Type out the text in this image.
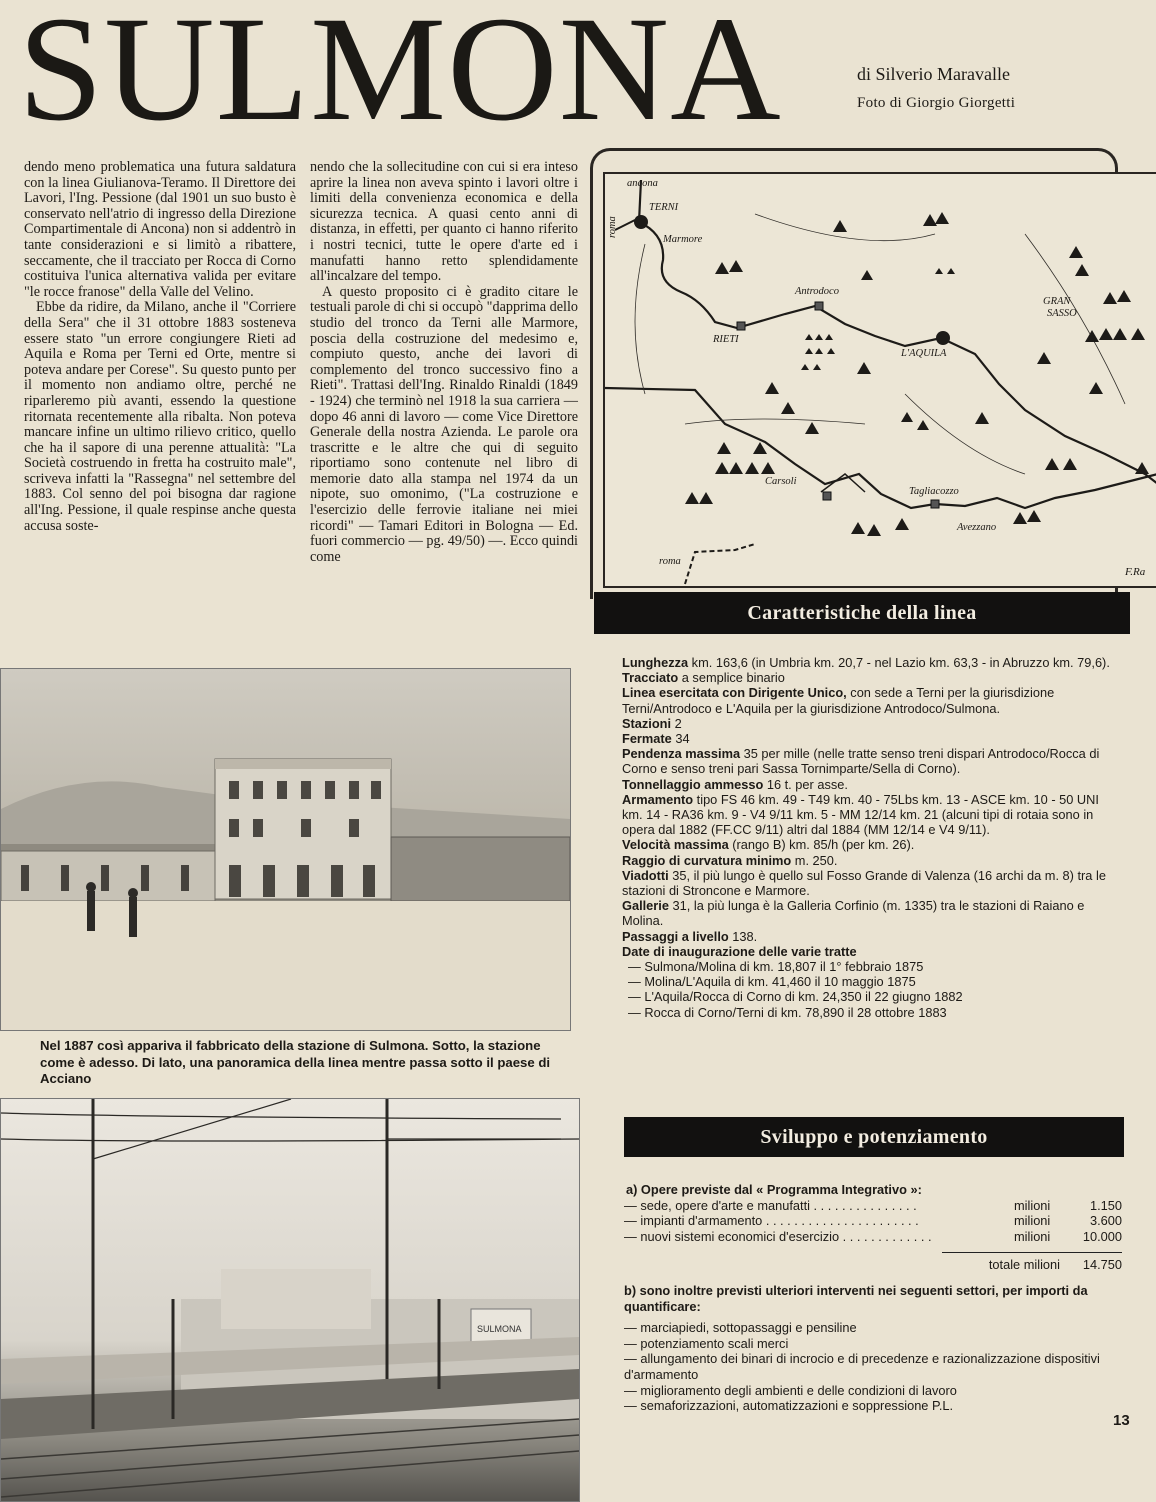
SULMONA	di Silverio Maravalle
Foto di Giorgio Giorgetti

dendo meno problematica una futura saldatura con la linea Giulianova-Teramo. Il Direttore dei Lavori, l'Ing. Pessione (dal 1901 un suo busto è conservato nell'atrio di ingresso della Direzione Compartimentale di Ancona) non si addentrò in tante considerazioni e si limitò a ribattere, seccamente, che il tracciato per Rocca di Corno costituiva l'unica alternativa valida per evitare "le rocce franose" della Valle del Velino.

Ebbe da ridire, da Milano, anche il "Corriere della Sera" che il 31 ottobre 1883 sosteneva essere stato "un errore congiungere Rieti ad Aquila e Roma per Terni ed Orte, mentre si poteva andare per Corese". Su questo punto per il momento non andiamo oltre, perché ne riparleremo più avanti, essendo la questione ritornata recentemente alla ribalta. Non poteva mancare infine un ultimo rilievo critico, quello che ha il sapore di una perenne attualità: "La Società costruendo in fretta ha costruito male", scriveva infatti la "Rassegna" nel settembre del 1883. Col senno del poi bisogna dar ragione all'Ing. Pessione, il quale respinse anche questa accusa soste-

nendo che la sollecitudine con cui si era inteso aprire la linea non aveva spinto i lavori oltre i limiti della convenienza economica e della sicurezza tecnica. A quasi cento anni di distanza, in effetti, per quanto ci hanno riferito i nostri tecnici, tutte le opere d'arte ed i manufatti hanno retto splendidamente all'incalzare del tempo.

A questo proposito ci è gradito citare le testuali parole di chi si occupò "dapprima dello studio del tronco da Terni alle Marmore, poscia della costruzione del medesimo e, compiuto questo, anche dei lavori di complemento del tronco successivo fino a Rieti". Trattasi dell'Ing. Rinaldo Rinaldi (1849 - 1924) che terminò nel 1918 la sua carriera — dopo 46 anni di lavoro — come Vice Direttore Generale della nostra Azienda. Le parole ora trascritte e le altre che qui di seguito riportiamo sono contenute nel libro di memorie dato alla stampa nel 1974 da un nipote, suo omonimo, ("La costruzione e l'esercizio delle ferrovie italiane nei miei ricordi" — Tamari Editori in Bologna — Ed. fuori commercio — pg. 49/50) —. Ecco quindi come

Nel 1887 così appariva il fabbricato della stazione di Sulmona. Sotto, la stazione come è adesso. Di lato, una panoramica della linea mentre passa sotto il paese di Acciano
SULMONA
ancona
TERNI
roma
Marmore
Antrodoco
GRAN
SASSO
RIETI
L'AQUILA
Carsoli
Tagliacozzo
Avezzano
roma
F.Ra
Caratteristiche della linea
Lunghezza km. 163,6 (in Umbria km. 20,7 - nel Lazio km. 63,3 - in Abruzzo km. 79,6).
Tracciato a semplice binario
Linea esercitata con Dirigente Unico, con sede a Terni per la giurisdizione Terni/Antrodoco e L'Aquila per la giurisdizione Antrodoco/Sulmona.
Stazioni 2
Fermate 34
Pendenza massima 35 per mille (nelle tratte senso treni dispari Antrodoco/Rocca di Corno e senso treni pari Sassa Tornimparte/Sella di Corno).
Tonnellaggio ammesso 16 t. per asse.
Armamento tipo FS 46 km. 49 - T49 km. 40 - 75Lbs km. 13 - ASCE km. 10 - 50 UNI km. 14 - RA36 km. 9 - V4 9/11 km. 5 - MM 12/14 km. 21 (alcuni tipi di rotaia sono in opera dal 1882 (FF.CC 9/11) altri dal 1884 (MM 12/14 e V4 9/11).
Velocità massima (rango B) km. 85/h (per km. 26).
Raggio di curvatura minimo m. 250.
Viadotti 35, il più lungo è quello sul Fosso Grande di Valenza (16 archi da m. 8) tra le stazioni di Stroncone e Marmore.
Gallerie 31, la più lunga è la Galleria Corfinio (m. 1335) tra le stazioni di Raiano e Molina.
Passaggi a livello 138.
Date di inaugurazione delle varie tratte
— Sulmona/Molina di km. 18,807 il 1° febbraio 1875
— Molina/L'Aquila di km. 41,460 il 10 maggio 1875
— L'Aquila/Rocca di Corno di km. 24,350 il 22 giugno 1882
— Rocca di Corno/Terni di km. 78,890 il 28 ottobre 1883
Sviluppo e potenziamento
a) Opere previste dal « Programma Integrativo »:
— sede, opere d'arte e manufatti . . . . . . . . . . . . . . .	milioni	1.150
— impianti d'armamento . . . . . . . . . . . . . . . . . . . . . .	milioni	3.600
— nuovi sistemi economici d'esercizio . . . . . . . . . . . . .	milioni	10.000
totale milioni	14.750
b) sono inoltre previsti ulteriori interventi nei seguenti settori, per importi da quantificare:
— marciapiedi, sottopassaggi e pensiline
— potenziamento scali merci
— allungamento dei binari di incrocio e di precedenze e razionalizzazione dispositivi d'armamento
— miglioramento degli ambienti e delle condizioni di lavoro
— semaforizzazioni, automatizzazioni e soppressione P.L.
13
